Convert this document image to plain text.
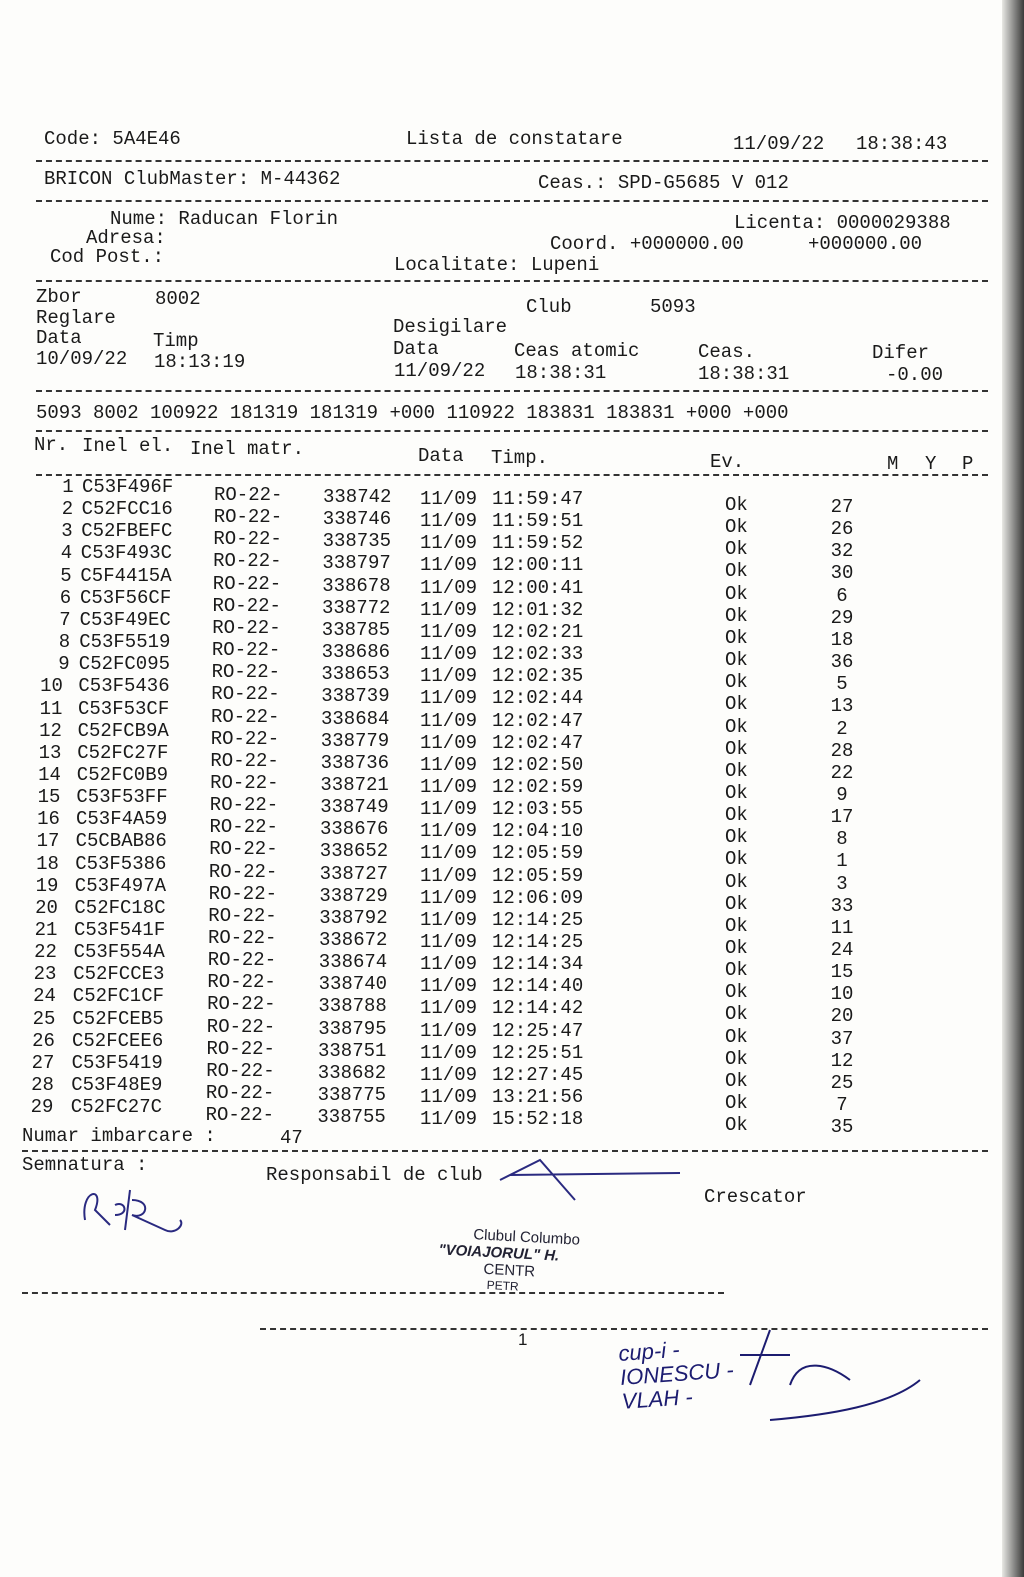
Code: 5A4E46	Lista de constatare	11/09/22 18:38:43
BRICON ClubMaster: M-44362	Ceas.: SPD-G5685 V 012
Nume: Raducan Florin	Licenta: 0000029388
Adresa:	Coord. +000000.00	+000000.00
Cod Post.:	Localitate: Lupeni
Zbor	8002	Club	5093
Reglare	Desigilare
Data	Timp	Data	Ceas atomic	Ceas.	Difer
10/09/22 18:13:19	11/09/22 18:38:31	18:38:31	-0.00
5093 8002 100922 181319 181319 +000 110922 183831 183831 +000 +000
Nr. Inel el. Inel matr.	Data Timp.	Ev.	M Y P
1 C53F496F RO-22- 338742 11/09 11:59:47	Ok	27
2 C52FCC16 RO-22- 338746 11/09 11:59:51	Ok	26
3 C52FBEFC RO-22- 338735 11/09 11:59:52	Ok	32
4 C53F493C RO-22- 338797 11/09 12:00:11	Ok	30
5 C5F4415A RO-22- 338678 11/09 12:00:41	Ok	6
6 C53F56CF RO-22- 338772 11/09 12:01:32	Ok	29
7 C53F49EC RO-22- 338785 11/09 12:02:21	Ok	18
8 C53F5519 RO-22- 338686 11/09 12:02:33	Ok	36
9 C52FC095 RO-22- 338653 11/09 12:02:35	Ok	5
10 C53F5436 RO-22- 338739 11/09 12:02:44	Ok	13
11 C53F53CF RO-22- 338684 11/09 12:02:47	Ok	2
12 C52FCB9A RO-22- 338779 11/09 12:02:47	Ok	28
13 C52FC27F RO-22- 338736 11/09 12:02:50	Ok	22
14 C52FC0B9 RO-22- 338721 11/09 12:02:59	Ok	9
15 C53F53FF RO-22- 338749 11/09 12:03:55	Ok	17
16 C53F4A59 RO-22- 338676 11/09 12:04:10	Ok	8
17 C5CBAB86 RO-22- 338652 11/09 12:05:59	Ok	1
18 C53F5386 RO-22- 338727 11/09 12:05:59	Ok	3
19 C53F497A RO-22- 338729 11/09 12:06:09	Ok	33
20 C52FC18C RO-22- 338792 11/09 12:14:25	Ok	11
21 C53F541F RO-22- 338672 11/09 12:14:25	Ok	24
22 C53F554A RO-22- 338674 11/09 12:14:34	Ok	15
23 C52FCCE3 RO-22- 338740 11/09 12:14:40	Ok	10
24 C52FC1CF RO-22- 338788 11/09 12:14:42	Ok	20
25 C52FCEB5 RO-22- 338795 11/09 12:25:47	Ok	37
26 C52FCEE6 RO-22- 338751 11/09 12:25:51	Ok	12
27 C53F5419 RO-22- 338682 11/09 12:27:45	Ok	25
28 C53F48E9 RO-22- 338775 11/09 13:21:56	Ok	7
29 C52FC27C RO-22- 338755 11/09 15:52:18	Ok	35
Numar imbarcare :	47
Semnatura :	Responsabil de club
Crescator
Clubul Columbo
"VOIAJORUL" H.
CENTR
PETR
1	cup-i -
IONESCU -
VLAH -
